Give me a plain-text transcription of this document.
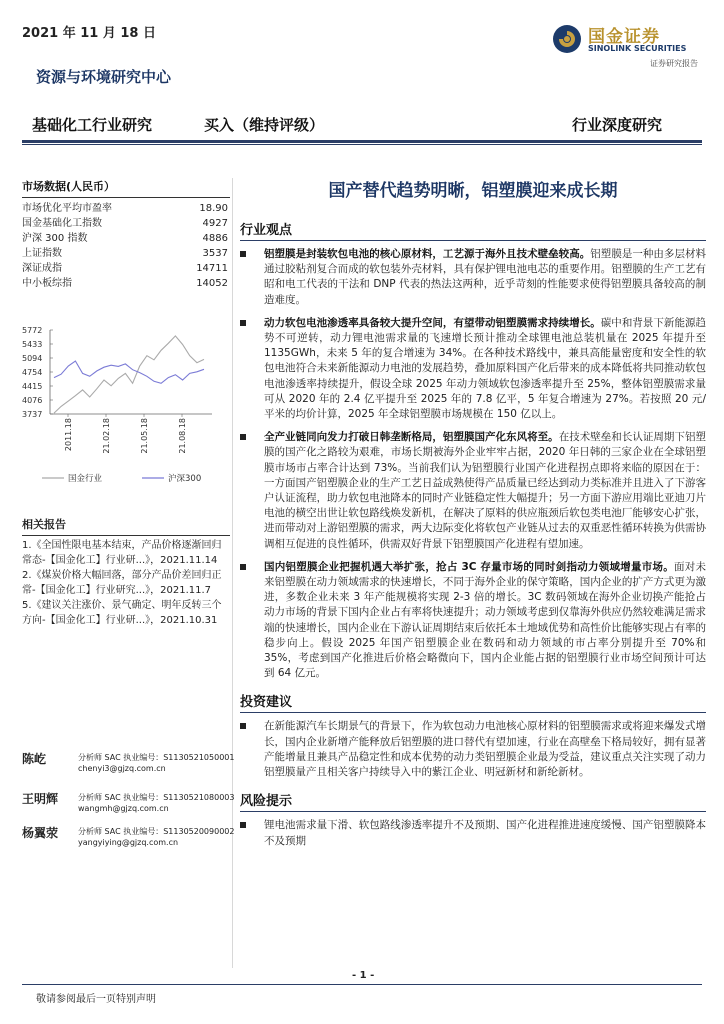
2021 年 11 月 18 日	国金证券
SINOLINK SECURITIES
证券研究报告
资源与环境研究中心
基础化工行业研究	买入（维持评级）	行业深度研究
市场数据(人民币）
市场优化平均市盈率	18.90
国金基础化工指数	4927
沪深 300 指数	4886
上证指数	3537
深证成指	14711
中小板综指	14052
5772
5433
5094
4754
4415
4076
3737
2011.18	21.02.18	21.05.18	21.08.18
国金行业	沪深300
相关报告
1.《全国性限电基本结束，产品价格逐渐回归常态-【国金化工】行业研...》，2021.11.14
2.《煤炭价格大幅回落，部分产品价差回归正常-【国金化工】行业研究...》，2021.11.7
5.《建议关注涨价、景气确定、明年反转三个方向-【国金化工】行业研...》，2021.10.31
陈屹	分析师 SAC 执业编号：S1130521050001
chenyi3@gjzq.com.cn
王明辉 分析师 SAC 执业编号：S1130521080003
wangmh@gjzq.com.cn
杨翼荥 分析师 SAC 执业编号：S1130520090002
yangyiying@gjzq.com.cn
国产替代趋势明晰，铝塑膜迎来成长期
行业观点
铝塑膜是封装软包电池的核心原材料，工艺源于海外且技术壁垒较高。铝塑膜是一种由多层材料通过胶粘剂复合而成的软包装外壳材料，具有保护锂电池电芯的重要作用。铝塑膜的生产工艺有昭和电工代表的干法和 DNP 代表的热法这两种，近乎苛刻的性能要求使得铝塑膜具备较高的制造难度。
动力软包电池渗透率具备较大提升空间，有望带动铝塑膜需求持续增长。碳中和背景下新能源趋势不可逆转，动力锂电池需求量的飞速增长预计推动全球锂电池总装机量在 2025 年提升至 1135GWh，未来 5 年的复合增速为 34%。在各种技术路线中，兼具高能量密度和安全性的软包电池符合未来新能源动力电池的发展趋势，叠加原料国产化后带来的成本降低将共同推动软包电池渗透率持续提升，假设全球 2025 年动力领域软包渗透率提升至 25%，整体铝塑膜需求量可从 2020 年的 2.4 亿平提升至 2025 年的 7.8 亿平，5 年复合增速为 27%。若按照 20 元/平米的均价计算，2025 年全球铝塑膜市场规模在 150 亿以上。
全产业链同向发力打破日韩垄断格局，铝塑膜国产化东风将至。在技术壁垒和长认证周期下铝塑膜的国产化之路较为艰难，市场长期被海外企业牢牢占据，2020 年日韩的三家企业在全球铝塑膜市场市占率合计达到 73%。当前我们认为铝塑膜行业国产化进程拐点即将来临的原因在于：一方面国产铝塑膜企业的生产工艺日益成熟使得产品质量已经达到动力类标准并且进入了下游客户认证流程，助力软包电池降本的同时产业链稳定性大幅提升；另一方面下游应用端比亚迪刀片电池的横空出世让软包路线焕发新机，在解决了原料的供应瓶颈后软包类电池厂能够安心扩张，进而带动对上游铝塑膜的需求，两大边际变化将软包产业链从过去的双重恶性循环转换为供需协调相互促进的良性循环，供需双好背景下铝塑膜国产化进程有望加速。
国内铝塑膜企业把握机遇大举扩张，抢占 3C 存量市场的同时剑指动力领域增量市场。面对未来铝塑膜在动力领域需求的快速增长，不同于海外企业的保守策略，国内企业的扩产方式更为激进，多数企业未来 3 年产能规模将实现 2-3 倍的增长。3C 数码领域在海外企业切换产能抢占动力市场的背景下国内企业占有率将快速提升；动力领域考虑到仅靠海外供应仍然较难满足需求端的快速增长，国内企业在下游认证周期结束后依托本土地域优势和高性价比能够实现占有率的稳步向上。假设 2025 年国产铝塑膜企业在数码和动力领域的市占率分别提升至 70%和 35%，考虑到国产化推进后价格会略微向下，国内企业能占据的铝塑膜行业市场空间预计可达到 64 亿元。
投资建议
在新能源汽车长期景气的背景下，作为软包动力电池核心原材料的铝塑膜需求或将迎来爆发式增长，国内企业新增产能释放后铝塑膜的进口替代有望加速，行业在高壁垒下格局较好，拥有显著产能增量且兼具产品稳定性和成本优势的动力类铝塑膜企业最为受益，建议重点关注实现了动力铝塑膜量产且相关客户持续导入中的紫江企业、明冠新材和新纶新材。
风险提示
锂电池需求量下滑、软包路线渗透率提升不及预期、国产化进程推进速度缓慢、国产铝塑膜降本不及预期
- 1 -
敬请参阅最后一页特别声明
